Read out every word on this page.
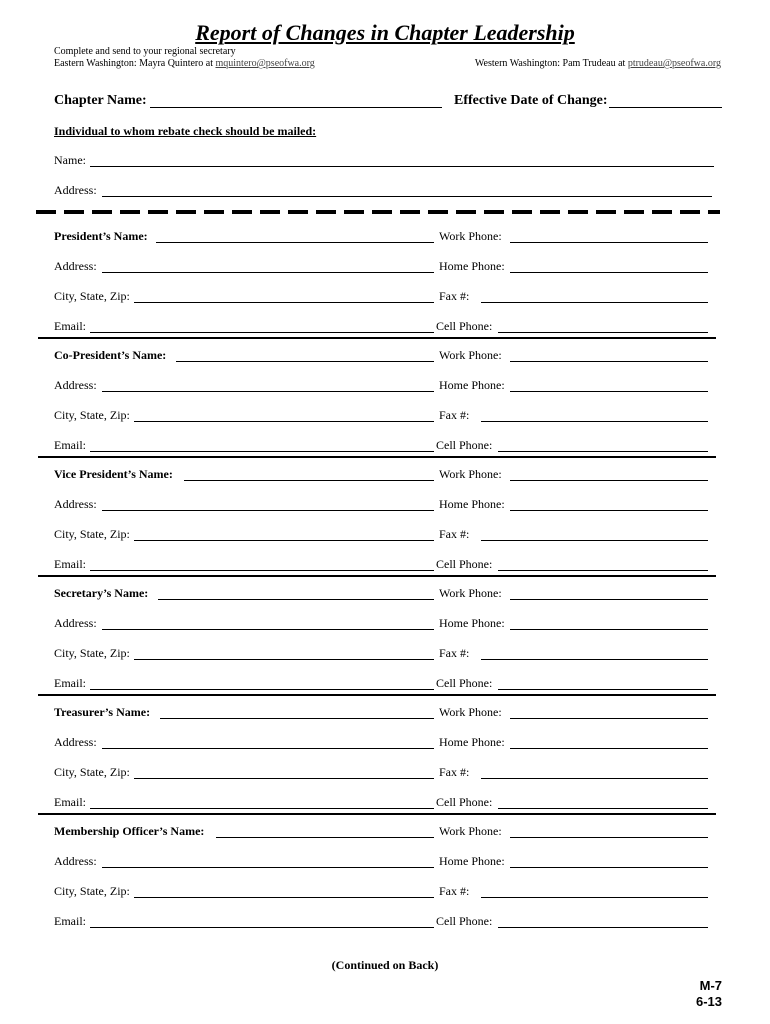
Report of Changes in Chapter Leadership
Complete and send to your regional secretary
Eastern Washington: Mayra Quintero at mquintero@pseofwa.org	Western Washington: Pam Trudeau at ptrudeau@pseofwa.org
Chapter Name:	Effective Date of Change:
Individual to whom rebate check should be mailed:
Name:
Address:
President’s Name:	Work Phone:
Address:	Home Phone:
City, State, Zip:	Fax #:
Email:	Cell Phone:
Co-President’s Name:	Work Phone:
Address:	Home Phone:
City, State, Zip:	Fax #:
Email:	Cell Phone:
Vice President’s Name:	Work Phone:
Address:	Home Phone:
City, State, Zip:	Fax #:
Email:	Cell Phone:
Secretary’s Name:	Work Phone:
Address:	Home Phone:
City, State, Zip:	Fax #:
Email:	Cell Phone:
Treasurer’s Name:	Work Phone:
Address:	Home Phone:
City, State, Zip:	Fax #:
Email:	Cell Phone:
Membership Officer’s Name:	Work Phone:
Address:	Home Phone:
City, State, Zip:	Fax #:
Email:	Cell Phone:
(Continued on Back)
M-7
6-13
